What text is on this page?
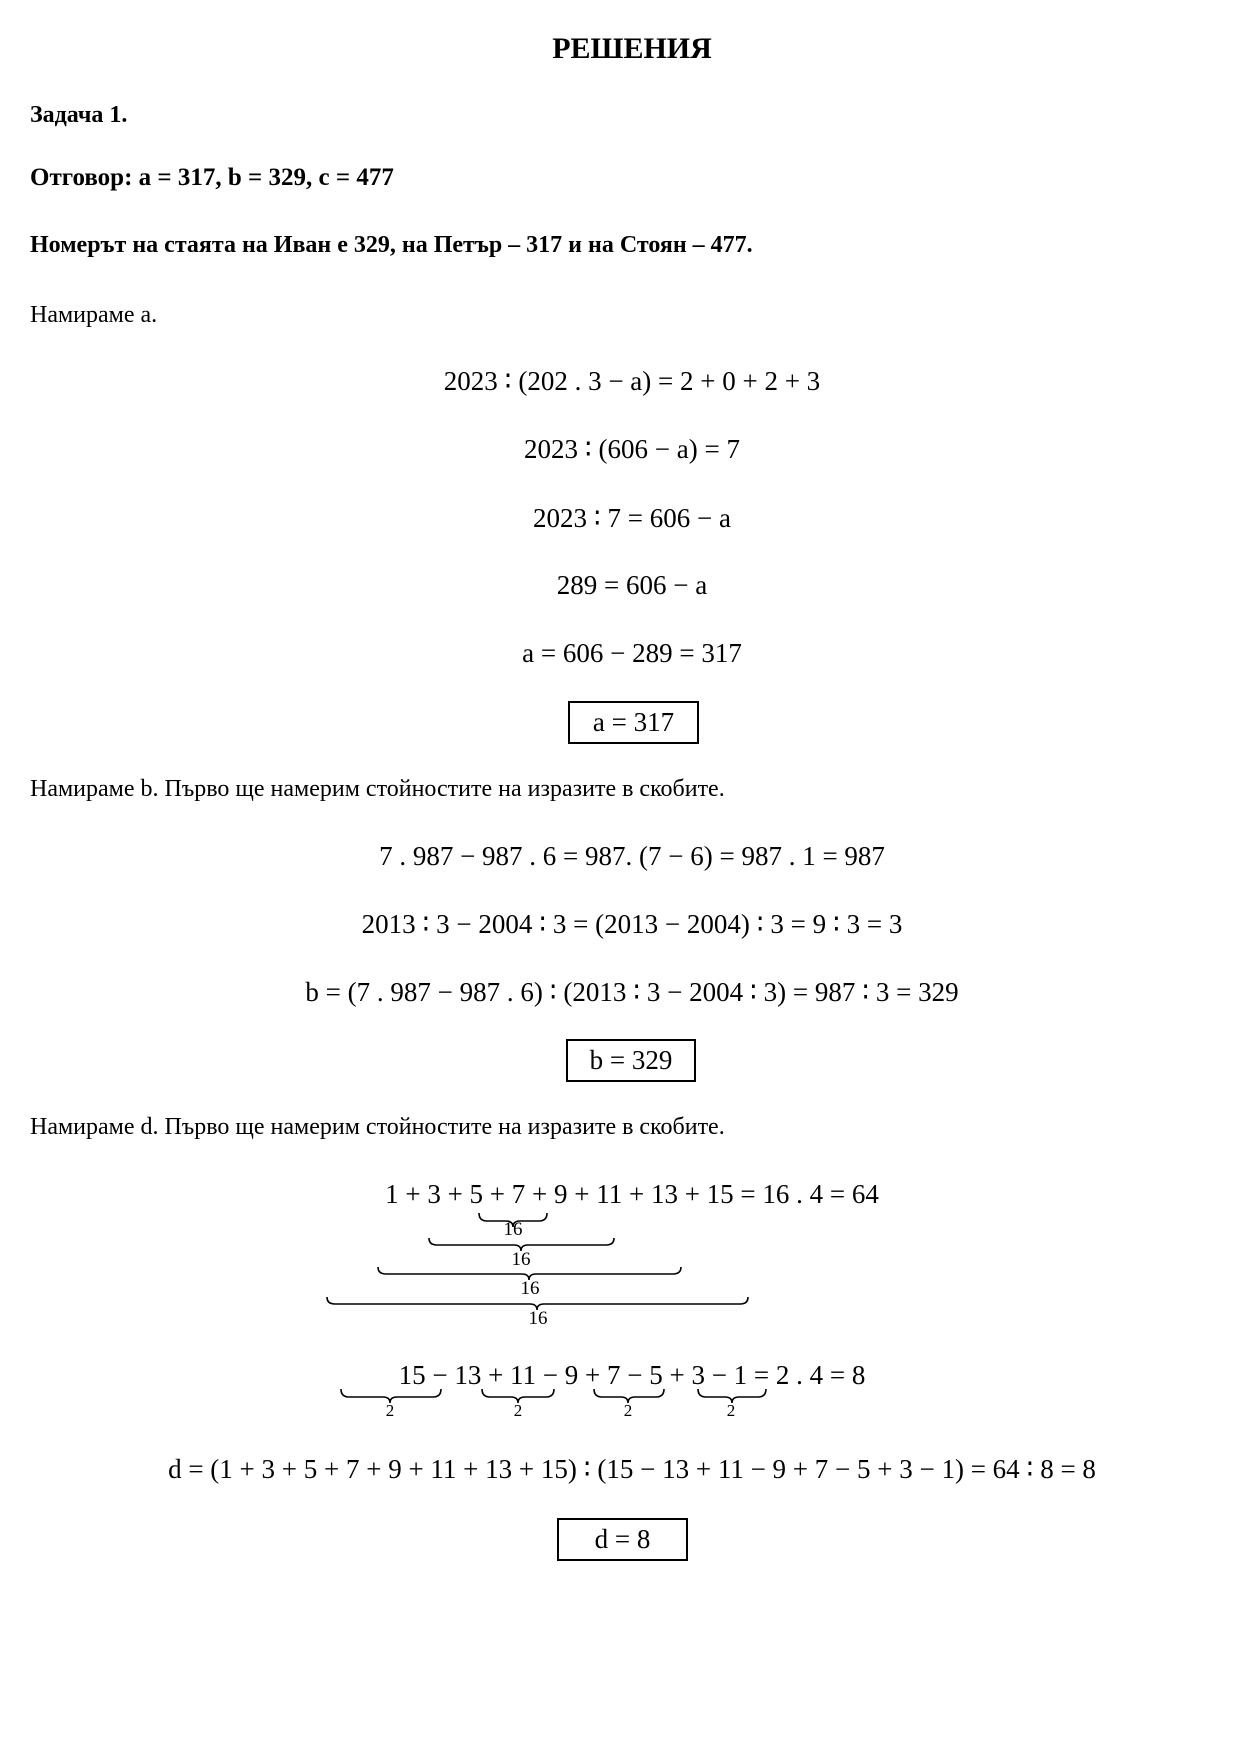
РЕШЕНИЯ
Задача 1.
Отговор: a = 317, b = 329, c = 477
Номерът на стаята на Иван е 329, на Петър – 317 и на Стоян – 477.
Намираме a.
2023 ∶ (202 . 3 − a) = 2 + 0 + 2 + 3
2023 ∶ (606 − a) = 7
2023 ∶ 7 = 606 − a
289 = 606 − a
a = 606 − 289 = 317
a = 317
Намираме b. Първо ще намерим стойностите на изразите в скобите.
7 . 987 − 987 . 6 = 987. (7 − 6) = 987 . 1 = 987
2013 ∶ 3 − 2004 ∶ 3 = (2013 − 2004) ∶ 3 = 9 ∶ 3 = 3
b = (7 . 987 − 987 . 6) ∶ (2013 ∶ 3 − 2004 ∶ 3) = 987 ∶ 3 = 329
b = 329
Намираме d. Първо ще намерим стойностите на изразите в скобите.
1 + 3 + 5 + 7 + 9 + 11 + 13 + 15 = 16 . 4 = 64
16
16
16
16
15 − 13 + 11 − 9 + 7 − 5 + 3 − 1 = 2 . 4 = 8
2	2	2	2
d = (1 + 3 + 5 + 7 + 9 + 11 + 13 + 15) ∶ (15 − 13 + 11 − 9 + 7 − 5 + 3 − 1) = 64 ∶ 8 = 8
d = 8
